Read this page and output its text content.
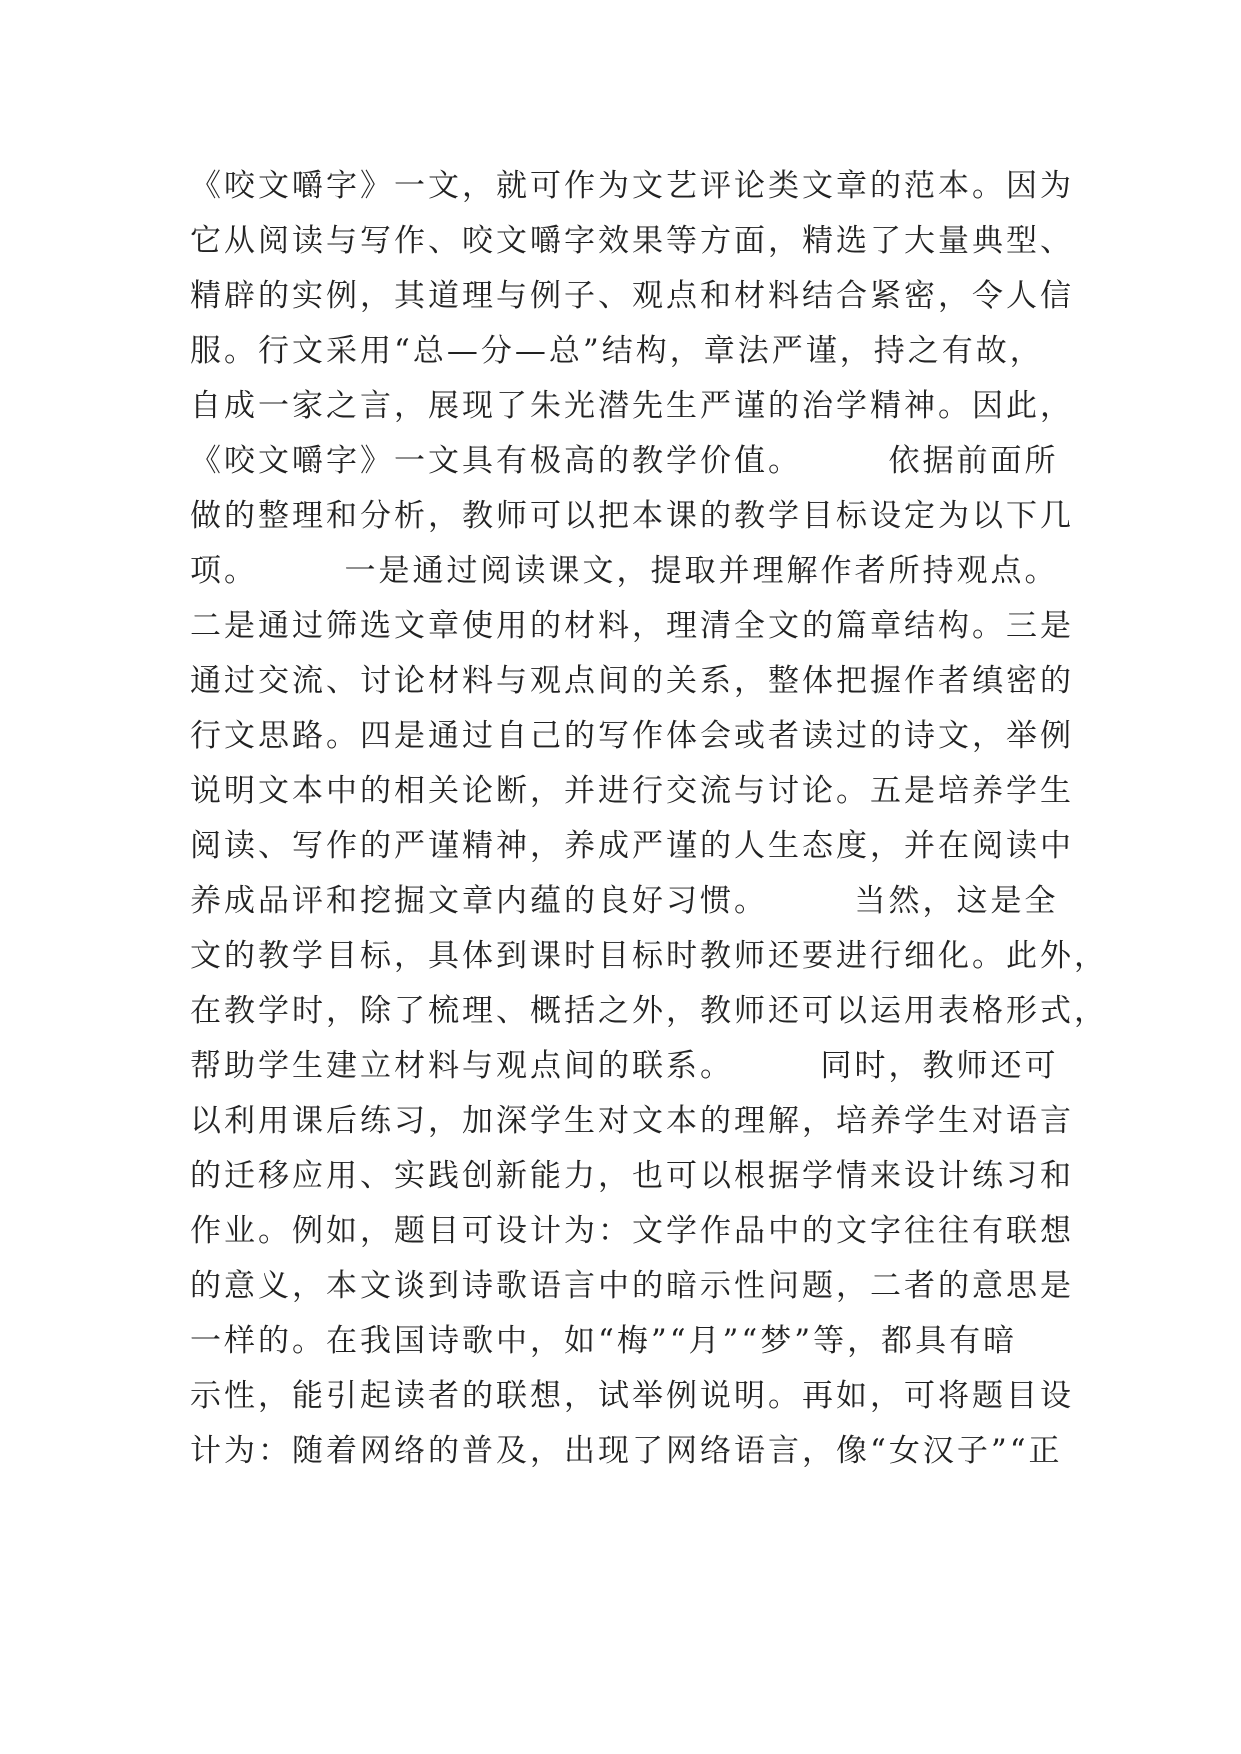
《咬文嚼字》一文，就可作为文艺评论类文章的范本。因为
它从阅读与写作、咬文嚼字效果等方面，精选了大量典型、
精辟的实例，其道理与例子、观点和材料结合紧密，令人信
服。行文采用“总—分—总”结构，章法严谨，持之有故，
自成一家之言，展现了朱光潜先生严谨的治学精神。因此，
《咬文嚼字》一文具有极高的教学价值。　　　依据前面所
做的整理和分析，教师可以把本课的教学目标设定为以下几
项。　　　一是通过阅读课文，提取并理解作者所持观点。
二是通过筛选文章使用的材料，理清全文的篇章结构。三是
通过交流、讨论材料与观点间的关系，整体把握作者缜密的
行文思路。四是通过自己的写作体会或者读过的诗文，举例
说明文本中的相关论断，并进行交流与讨论。五是培养学生
阅读、写作的严谨精神，养成严谨的人生态度，并在阅读中
养成品评和挖掘文章内蕴的良好习惯。　　　当然，这是全
文的教学目标，具体到课时目标时教师还要进行细化。此外，
在教学时，除了梳理、概括之外，教师还可以运用表格形式，
帮助学生建立材料与观点间的联系。　　　同时，教师还可
以利用课后练习，加深学生对文本的理解，培养学生对语言
的迁移应用、实践创新能力，也可以根据学情来设计练习和
作业。例如，题目可设计为：文学作品中的文字往往有联想
的意义，本文谈到诗歌语言中的暗示性问题，二者的意思是
一样的。在我国诗歌中，如“梅”“月”“梦”等，都具有暗
示性，能引起读者的联想，试举例说明。再如，可将题目设
计为：随着网络的普及，出现了网络语言，像“女汉子”“正
